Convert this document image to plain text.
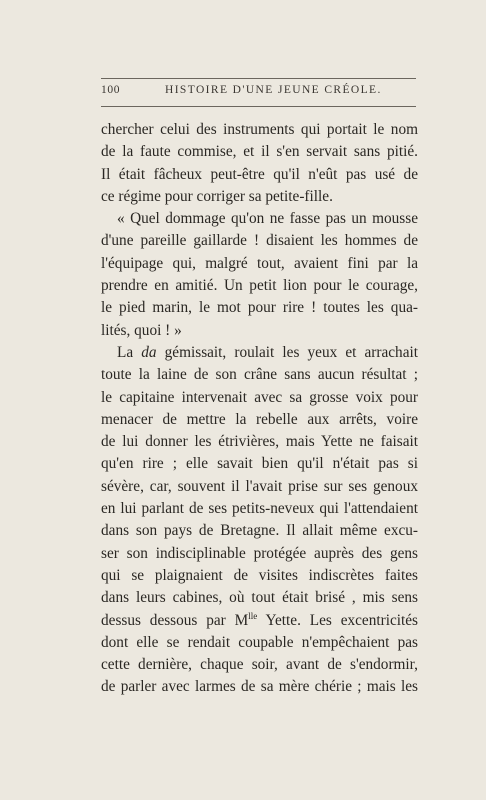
100	HISTOIRE D'UNE JEUNE CRÉOLE.
chercher celui des instruments qui portait le nom
de la faute commise, et il s'en servait sans pitié.
Il était fâcheux peut-être qu'il n'eût pas usé de
ce régime pour corriger sa petite-fille.
« Quel dommage qu'on ne fasse pas un mousse
d'une pareille gaillarde ! disaient les hommes de
l'équipage qui, malgré tout, avaient fini par la
prendre en amitié. Un petit lion pour le courage,
le pied marin, le mot pour rire ! toutes les qua-
lités, quoi ! »
La da gémissait, roulait les yeux et arrachait
toute la laine de son crâne sans aucun résultat ;
le capitaine intervenait avec sa grosse voix pour
menacer de mettre la rebelle aux arrêts, voire
de lui donner les étrivières, mais Yette ne faisait
qu'en rire ; elle savait bien qu'il n'était pas si
sévère, car, souvent il l'avait prise sur ses genoux
en lui parlant de ses petits-neveux qui l'attendaient
dans son pays de Bretagne. Il allait même excu-
ser son indisciplinable protégée auprès des gens
qui se plaignaient de visites indiscrètes faites
dans leurs cabines, où tout était brisé , mis sens
dessus dessous par $M^{lle}$ Yette. Les excentricités
dont elle se rendait coupable n'empêchaient pas
cette dernière, chaque soir, avant de s'endormir,
de parler avec larmes de sa mère chérie ; mais les
